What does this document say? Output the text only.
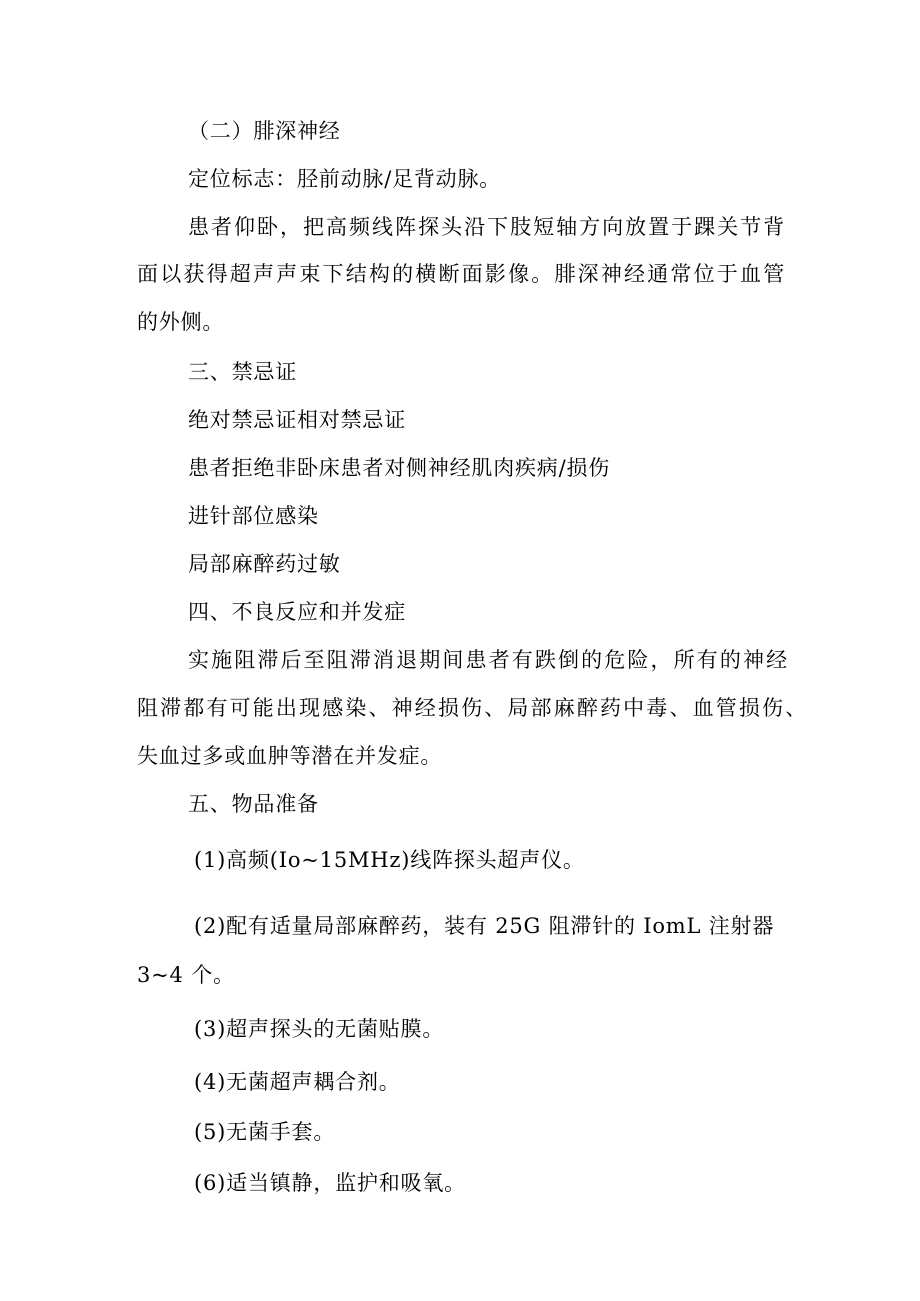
（二）腓深神经
定位标志：胫前动脉/足背动脉。
患者仰卧，把高频线阵探头沿下肢短轴方向放置于踝关节背
面以获得超声声束下结构的横断面影像。腓深神经通常位于血管
的外侧。
三、禁忌证
绝对禁忌证相对禁忌证
患者拒绝非卧床患者对侧神经肌肉疾病/损伤
进针部位感染
局部麻醉药过敏
四、不良反应和并发症
实施阻滞后至阻滞消退期间患者有跌倒的危险，所有的神经
阻滞都有可能出现感染、神经损伤、局部麻醉药中毒、血管损伤、
失血过多或血肿等潜在并发症。
五、物品准备
(1)高频(Io~15MHz)线阵探头超声仪。
(2)配有适量局部麻醉药，装有 25G 阻滞针的 IomL 注射器
3~4 个。
(3)超声探头的无菌贴膜。
(4)无菌超声耦合剂。
(5)无菌手套。
(6)适当镇静，监护和吸氧。
